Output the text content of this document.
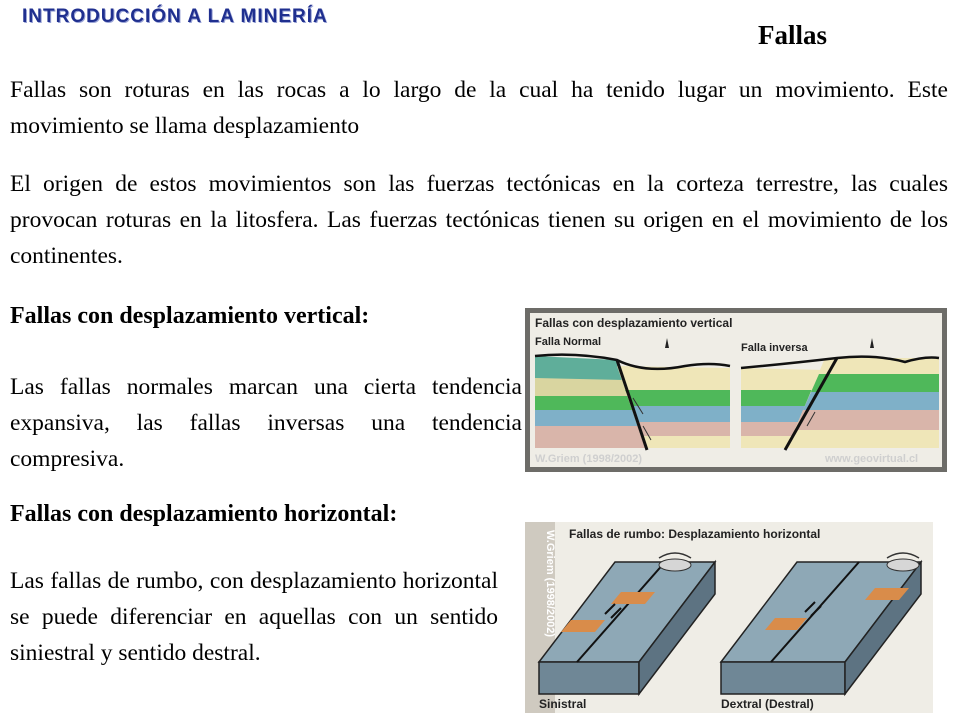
INTRODUCCIÓN A LA MINERÍA
Fallas
Fallas son roturas en las rocas a lo largo de la cual ha tenido lugar un movimiento. Este movimiento se llama desplazamiento
El origen de estos movimientos son las fuerzas tectónicas en la corteza terrestre, las cuales provocan roturas en la litosfera. Las fuerzas tectónicas tienen su origen en el movimiento de los continentes.
Fallas con desplazamiento vertical:
Las fallas normales marcan una cierta tendencia expansiva, las fallas inversas una tendencia compresiva.
Fallas con desplazamiento horizontal:
Las fallas de rumbo, con desplazamiento horizontal se puede diferenciar en aquellas con un sentido siniestral y sentido destral.
Fallas con desplazamiento vertical
Falla Normal	Falla inversa
W.Griem (1998/2002)	www.geovirtual.cl
W.Griem (1998/2002) Fallas de rumbo: Desplazamiento horizontal
Sinistral	Dextral (Destral)
